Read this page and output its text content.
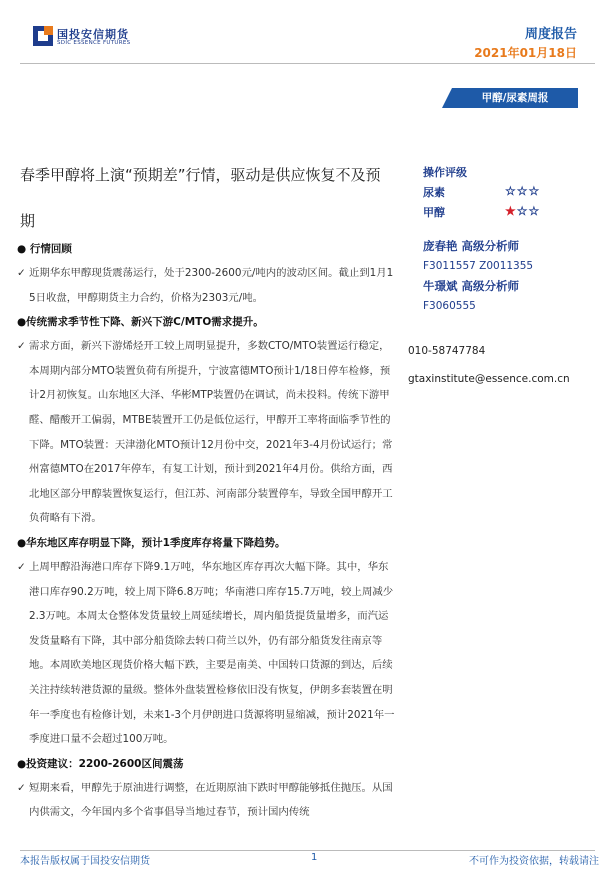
国投安信期货
SDIC ESSENCE FUTURES
周度报告
2021年01月18日
甲醇/尿素周报
春季甲醇将上演“预期差”行情，驱动是供应恢复不及预期
● 行情回顾
✓ 近期华东甲醇现货震荡运行，处于2300-2600元/吨内的波动区间。截止到1月15日收盘，甲醇期货主力合约，价格为2303元/吨。
●传统需求季节性下降、新兴下游C/MTO需求提升。
✓ 需求方面，新兴下游烯烃开工较上周明显提升，多数CTO/MTO装置运行稳定，本周期内部分MTO装置负荷有所提升，宁波富德MTO预计1/18日停车检修，预计2月初恢复。山东地区大泽、华彬MTP装置仍在调试，尚未投料。传统下游甲醛、醋酸开工偏弱，MTBE装置开工仍是低位运行，甲醇开工率将面临季节性的下降。MTO装置：天津渤化MTO预计12月份中交，2021年3-4月份试运行；常州富德MTO在2017年停车，有复工计划，预计到2021年4月份。供给方面，西北地区部分甲醇装置恢复运行，但江苏、河南部分装置停车，导致全国甲醇开工负荷略有下滑。
●华东地区库存明显下降，预计1季度库存将量下降趋势。
✓ 上周甲醇沿海港口库存下降9.1万吨，华东地区库存再次大幅下降。其中，华东港口库存90.2万吨，较上周下降6.8万吨；华南港口库存15.7万吨，较上周减少2.3万吨。本周太仓整体发货量较上周延续增长，周内船货提货量增多，而汽运发货量略有下降，其中部分船货除去转口荷兰以外，仍有部分船货发往南京等地。本周欧美地区现货价格大幅下跌，主要是南美、中国转口货源的到达，后续关注持续转港货源的量级。整体外盘装置检修依旧没有恢复，伊朗多套装置在明年一季度也有检修计划，未来1-3个月伊朗进口货源将明显缩减，预计2021年一季度进口量不会超过100万吨。
●投资建议：2200-2600区间震荡
✓ 短期来看，甲醇先于原油进行调整，在近期原油下跌时甲醇能够抵住抛压。从国内供需文，今年国内多个省事倡导当地过春节，预计国内传统
操作评级
尿素	☆☆☆
甲醇	★☆☆
庞春艳 高级分析师
F3011557 Z0011355
牛璟斌 高级分析师
F3060555
010-58747784
gtaxinstitute@essence.com.cn
本报告版权属于国投安信期货	1	不可作为投资依据，转载请注
